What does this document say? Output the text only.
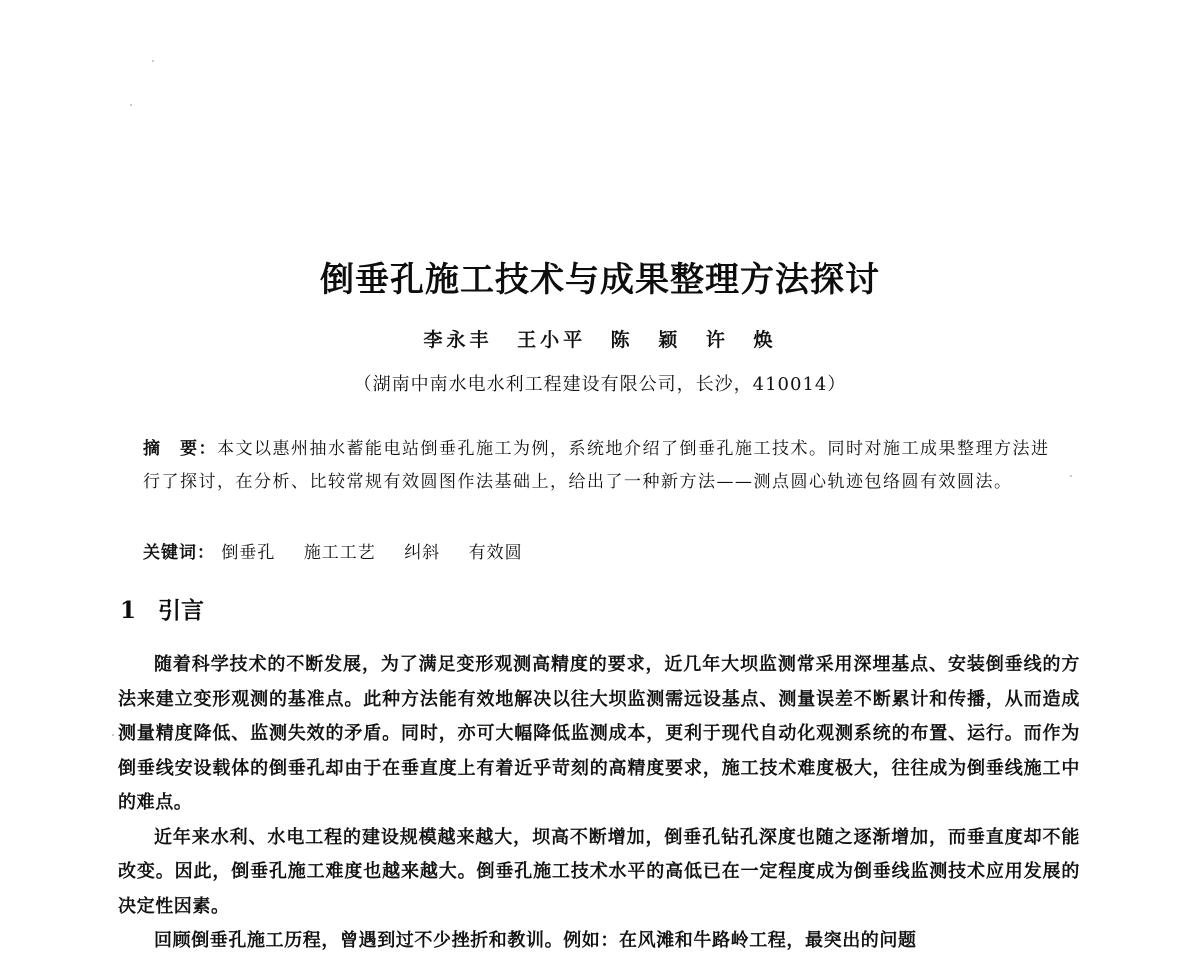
倒垂孔施工技术与成果整理方法探讨
李永丰 王小平 陈 颖 许 焕
（湖南中南水电水利工程建设有限公司，长沙，410014）
摘　要：本文以惠州抽水蓄能电站倒垂孔施工为例，系统地介绍了倒垂孔施工技术。同时对施工成果整理方法进行了探讨，在分析、比较常规有效圆图作法基础上，给出了一种新方法——测点圆心轨迹包络圆有效圆法。
关键词： 倒垂孔 施工工艺 纠斜 有效圆
1 引言

随着科学技术的不断发展，为了满足变形观测高精度的要求，近几年大坝监测常采用深埋基点、安装倒垂线的方法来建立变形观测的基准点。此种方法能有效地解决以往大坝监测需远设基点、测量误差不断累计和传播，从而造成测量精度降低、监测失效的矛盾。同时，亦可大幅降低监测成本，更利于现代自动化观测系统的布置、运行。而作为倒垂线安设载体的倒垂孔却由于在垂直度上有着近乎苛刻的高精度要求，施工技术难度极大，往往成为倒垂线施工中的难点。

近年来水利、水电工程的建设规模越来越大，坝高不断增加，倒垂孔钻孔深度也随之逐渐增加，而垂直度却不能改变。因此，倒垂孔施工难度也越来越大。倒垂孔施工技术水平的高低已在一定程度成为倒垂线监测技术应用发展的决定性因素。

回顾倒垂孔施工历程，曾遇到过不少挫折和教训。例如：在风滩和牛路岭工程，最突出的问题
